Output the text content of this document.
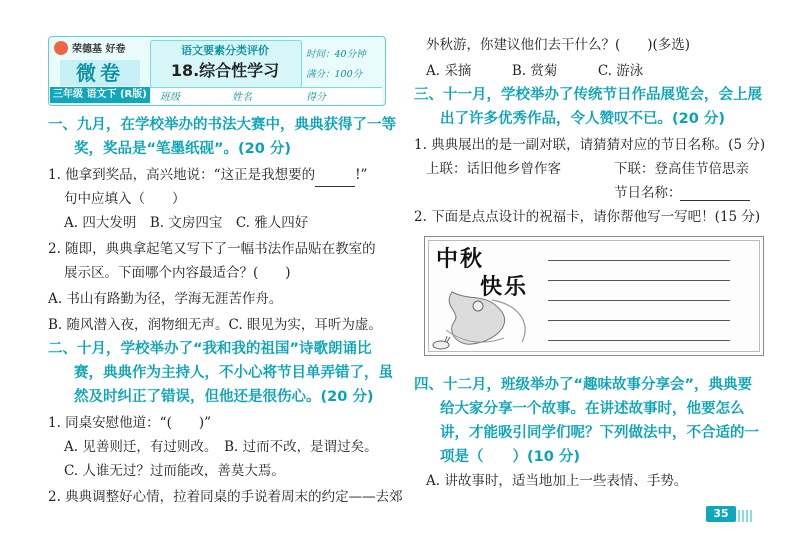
荣德基 好卷
微卷
语文要素分类评价
18.综合性学习
时间：40分钟
满分：100分
三年级 语文下 (R版)	班级	姓名	得分
一、九月，在学校举办的书法大赛中，典典获得了一等
奖，奖品是“笔墨纸砚”。(20 分)
1. 他拿到奖品，高兴地说：“这正是我想要的	!”
句中应填入（　　）
A. 四大发明　B. 文房四宝　C. 雅人四好
2. 随即，典典拿起笔又写下了一幅书法作品贴在教室的
展示区。下面哪个内容最适合？(　　)
A. 书山有路勤为径，学海无涯苦作舟。
B. 随风潜入夜，润物细无声。C. 眼见为实，耳听为虚。
二、十月，学校举办了“我和我的祖国”诗歌朗诵比
赛，典典作为主持人，不小心将节目单弄错了，虽
然及时纠正了错误，但他还是很伤心。(20 分)
1. 同桌安慰他道：“(　　)”
A. 见善则迁，有过则改。　B. 过而不改，是谓过矣。
C. 人谁无过？过而能改，善莫大焉。
2. 典典调整好心情，拉着同桌的手说着周末的约定——去郊
外秋游，你建议他们去干什么？(　　)(多选)
A. 采摘　　　B. 赏菊　　　C. 游泳
三、十一月，学校举办了传统节日作品展览会，会上展
出了许多优秀作品，令人赞叹不已。(20 分)
1. 典典展出的是一副对联，请猜猜对应的节日名称。(5 分)
上联：话旧他乡曾作客	下联：登高佳节倍思亲
节日名称：
2. 下面是点点设计的祝福卡，请你帮他写一写吧！(15 分)
中秋
快乐
四、十二月，班级举办了“趣味故事分享会”，典典要
给大家分享一个故事。在讲述故事时，他要怎么
讲，才能吸引同学们呢？下列做法中，不合适的一
项是（　　）(10 分)
A. 讲故事时，适当地加上一些表情、手势。
35
